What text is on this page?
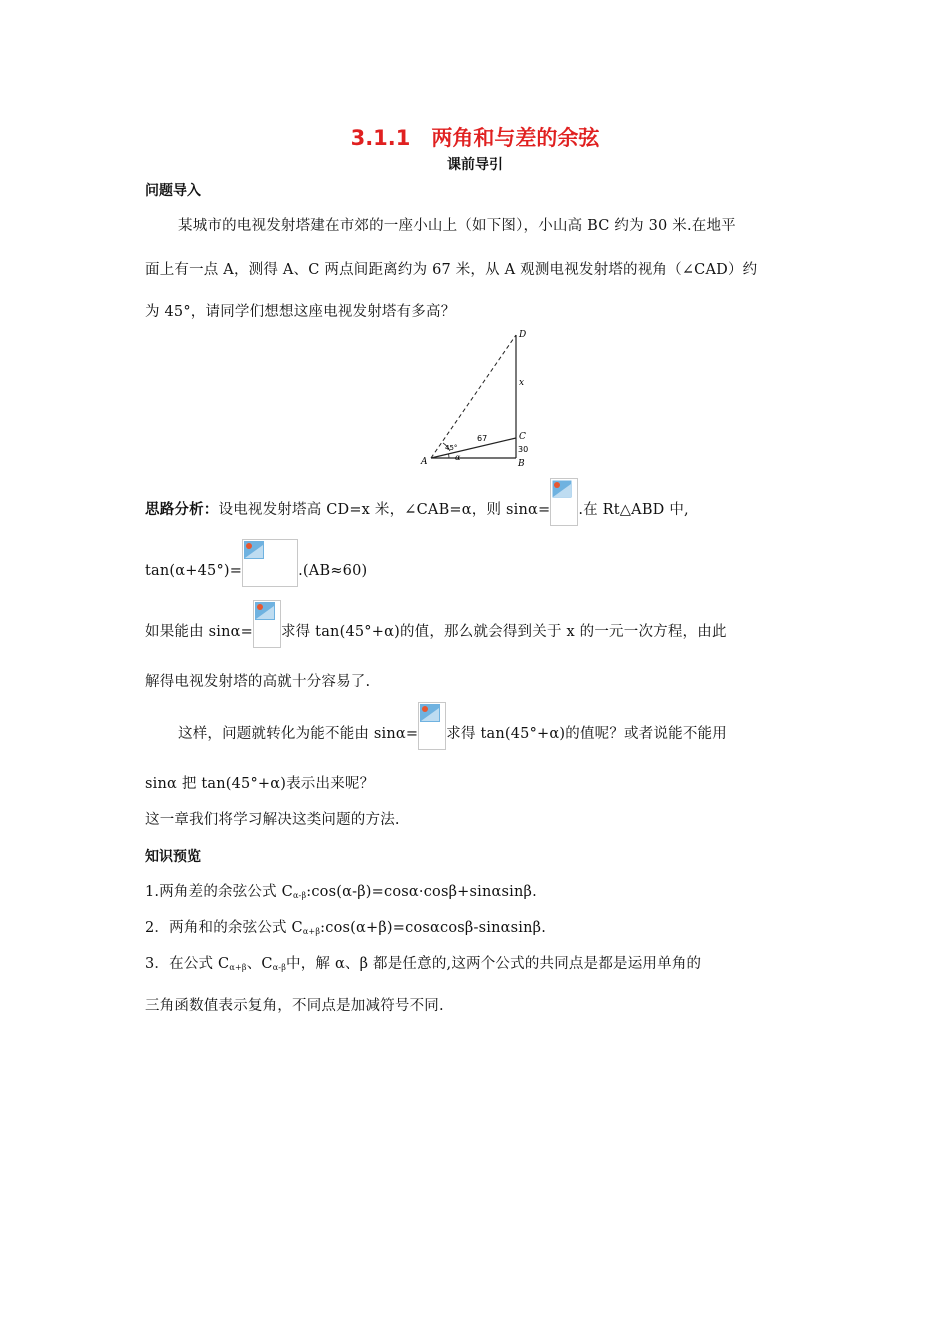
3.1.1　两角和与差的余弦
课前导引
问题导入
某城市的电视发射塔建在市郊的一座小山上（如下图），小山高 BC 约为 30 米.在地平
面上有一点 A，测得 A、C 两点间距离约为 67 米，从 A 观测电视发射塔的视角（∠CAD）约
为 45°，请同学们想想这座电视发射塔有多高？
D
C
B
A
x
67
30
45°
α
思路分析：设电视发射塔高 CD=x 米，∠CAB=α，则 sinα= .在 Rt△ABD 中,
tan(α+45°)=	.(AB≈60)
如果能由 sinα= 求得 tan(45°+α)的值，那么就会得到关于 x 的一元一次方程，由此
解得电视发射塔的高就十分容易了.
这样，问题就转化为能不能由 sinα= 求得 tan(45°+α)的值呢？或者说能不能用
sinα 把 tan(45°+α)表示出来呢？
这一章我们将学习解决这类问题的方法.
知识预览
1.两角差的余弦公式 $C_{\alpha-\beta}:\cos(\alpha-\beta)=\cos\alpha\cdot\cos\beta+\sin\alpha\sin\beta$.
2．两角和的余弦公式 $C_{\alpha+\beta}:\cos(\alpha+\beta)=\cos\alpha\cos\beta$-sinαsinβ.
3．在公式 $C_{\alpha+\beta}$、$C_{\alpha-\beta}$中，解 α、β 都是任意的,这两个公式的共同点是都是运用单角的
三角函数值表示复角，不同点是加减符号不同.
